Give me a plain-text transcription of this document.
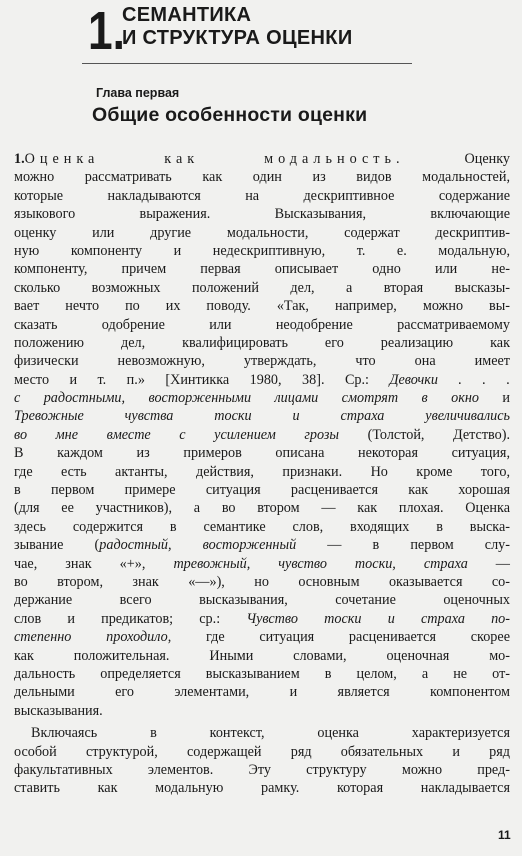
1.
СЕМАНТИКА
И СТРУКТУРА ОЦЕНКИ
Глава первая
Общие особенности оценки
1.Оценка как модальность. Оценку
можно рассматривать как один из видов модальностей,
которые накладываются на дескриптивное содержание
языкового выражения. Высказывания, включающие
оценку или другие модальности, содержат дескриптив-
ную компоненту и недескриптивную, т. е. модальную,
компоненту, причем первая описывает одно или не-
сколько возможных положений дел, а вторая высказы-
вает нечто по их поводу. «Так, например, можно вы-
сказать одобрение или неодобрение рассматриваемому
положению дел, квалифицировать его реализацию как
физически невозможную, утверждать, что она имеет
место и т. п.» [Хинтикка 1980, 38]. Ср.: Девочки . . .
с радостными, восторженными лицами смотрят в окно и
Тревожные чувства тоски и страха увеличивались
во мне вместе с усилением грозы (Толстой, Детство).
В каждом из примеров описана некоторая ситуация,
где есть актанты, действия, признаки. Но кроме того,
в первом примере ситуация расценивается как хорошая
(для ее участников), а во втором — как плохая. Оценка
здесь содержится в семантике слов, входящих в выска-
зывание (радостный, восторженный — в первом слу-
чае, знак «+», тревожный, чувство тоски, страха —
во втором, знак «—»), но основным оказывается со-
держание всего высказывания, сочетание оценочных
слов и предикатов; ср.: Чувство тоски и страха по-
степенно проходило, где ситуация расценивается скорее
как положительная. Иными словами, оценочная мо-
дальность определяется высказыванием в целом, а не от-
дельными его элементами, и является компонентом
высказывания.
Включаясь в контекст, оценка характеризуется
особой структурой, содержащей ряд обязательных и ряд
факультативных элементов. Эту структуру можно пред-
ставить как модальную рамку. которая накладывается
11
